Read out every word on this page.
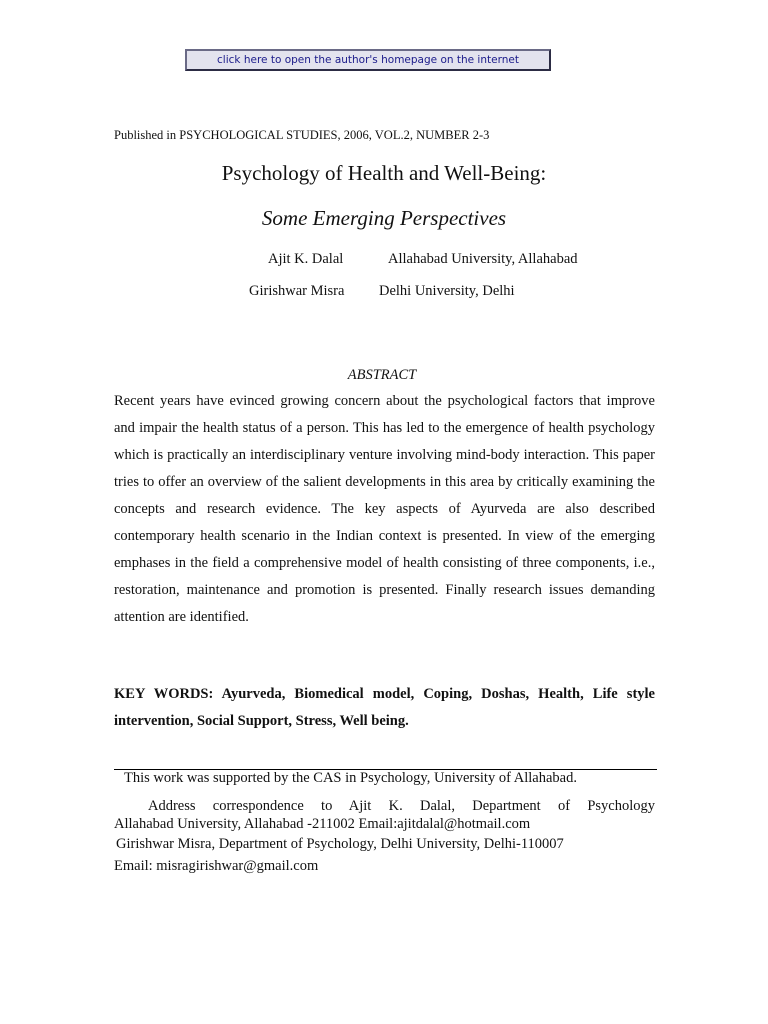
click here to open the author's homepage on the internet
Published in PSYCHOLOGICAL STUDIES, 2006, VOL.2, NUMBER 2-3
Psychology of Health and Well-Being:
Some Emerging Perspectives
Ajit K. Dalal	Allahabad University, Allahabad
Girishwar Misra Delhi University, Delhi
ABSTRACT
Recent years have evinced growing concern about the psychological factors that improve and impair the health status of a person. This has led to the emergence of health psychology which is practically an interdisciplinary venture involving mind-body interaction. This paper tries to offer an overview of the salient developments in this area by critically examining the concepts and research evidence. The key aspects of Ayurveda are also described contemporary health scenario in the Indian context is presented. In view of the emerging emphases in the field a comprehensive model of health consisting of three components, i.e., restoration, maintenance and promotion is presented. Finally research issues demanding attention are identified.
KEY WORDS: Ayurveda, Biomedical model, Coping, Doshas, Health, Life style intervention, Social Support, Stress, Well being.
This work was supported by the CAS in Psychology, University of Allahabad.
Address correspondence to Ajit K. Dalal, Department of Psychology Allahabad University, Allahabad -211002 Email:ajitdalal@hotmail.com
Girishwar Misra, Department of Psychology, Delhi University, Delhi-110007
Email: misragirishwar@gmail.com
